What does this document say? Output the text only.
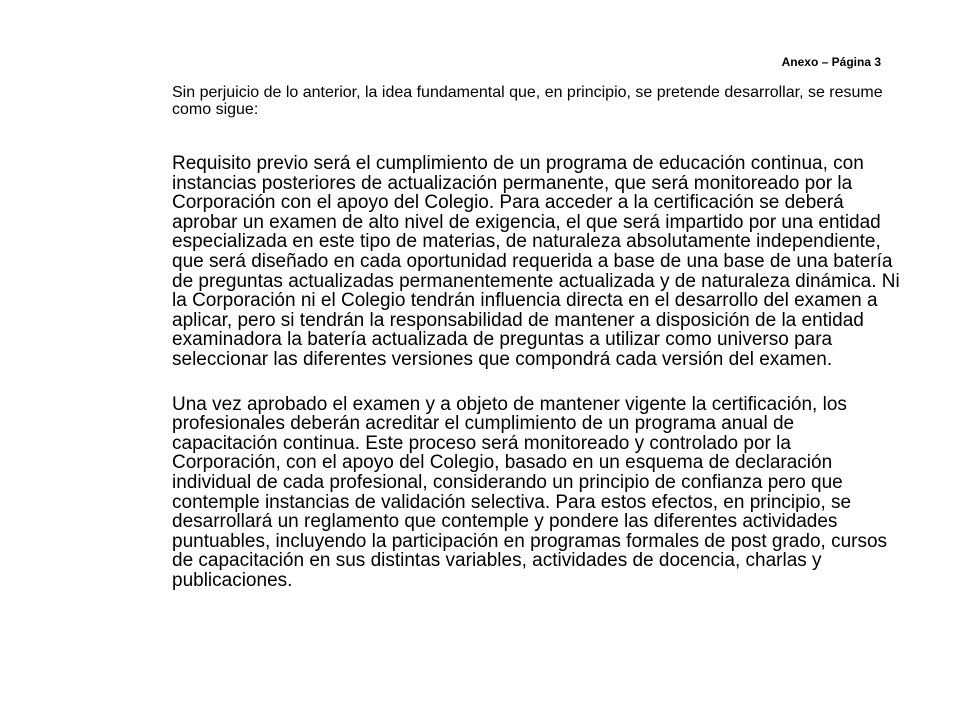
Anexo – Página 3

Sin perjuicio de lo anterior, la idea fundamental que, en principio, se pretende desarrollar, se resume como sigue:

Requisito previo será el cumplimiento de un programa de educación continua, con instancias posteriores de actualización permanente, que será monitoreado por la Corporación con el apoyo del Colegio. Para acceder a la certificación se deberá aprobar un examen de alto nivel de exigencia, el que será impartido por una entidad especializada en este tipo de materias, de naturaleza absolutamente independiente, que será diseñado en cada oportunidad requerida a base de una base de una batería de preguntas actualizadas permanentemente actualizada y de naturaleza dinámica. Ni la Corporación ni el Colegio tendrán influencia directa en el desarrollo del examen a aplicar, pero si tendrán la responsabilidad de mantener a disposición de la entidad examinadora la batería actualizada de preguntas a utilizar como universo para seleccionar las diferentes versiones que compondrá cada versión del examen.

Una vez aprobado el examen y a objeto de mantener vigente la certificación, los profesionales deberán acreditar el cumplimiento de un programa anual de capacitación continua. Este proceso será monitoreado y controlado por la Corporación, con el apoyo del Colegio, basado en un esquema de declaración individual de cada profesional, considerando un principio de confianza pero que contemple instancias de validación selectiva. Para estos efectos, en principio, se desarrollará un reglamento que contemple y pondere las diferentes actividades puntuables, incluyendo la participación en programas formales de post grado, cursos de capacitación en sus distintas variables, actividades de docencia, charlas y publicaciones.
